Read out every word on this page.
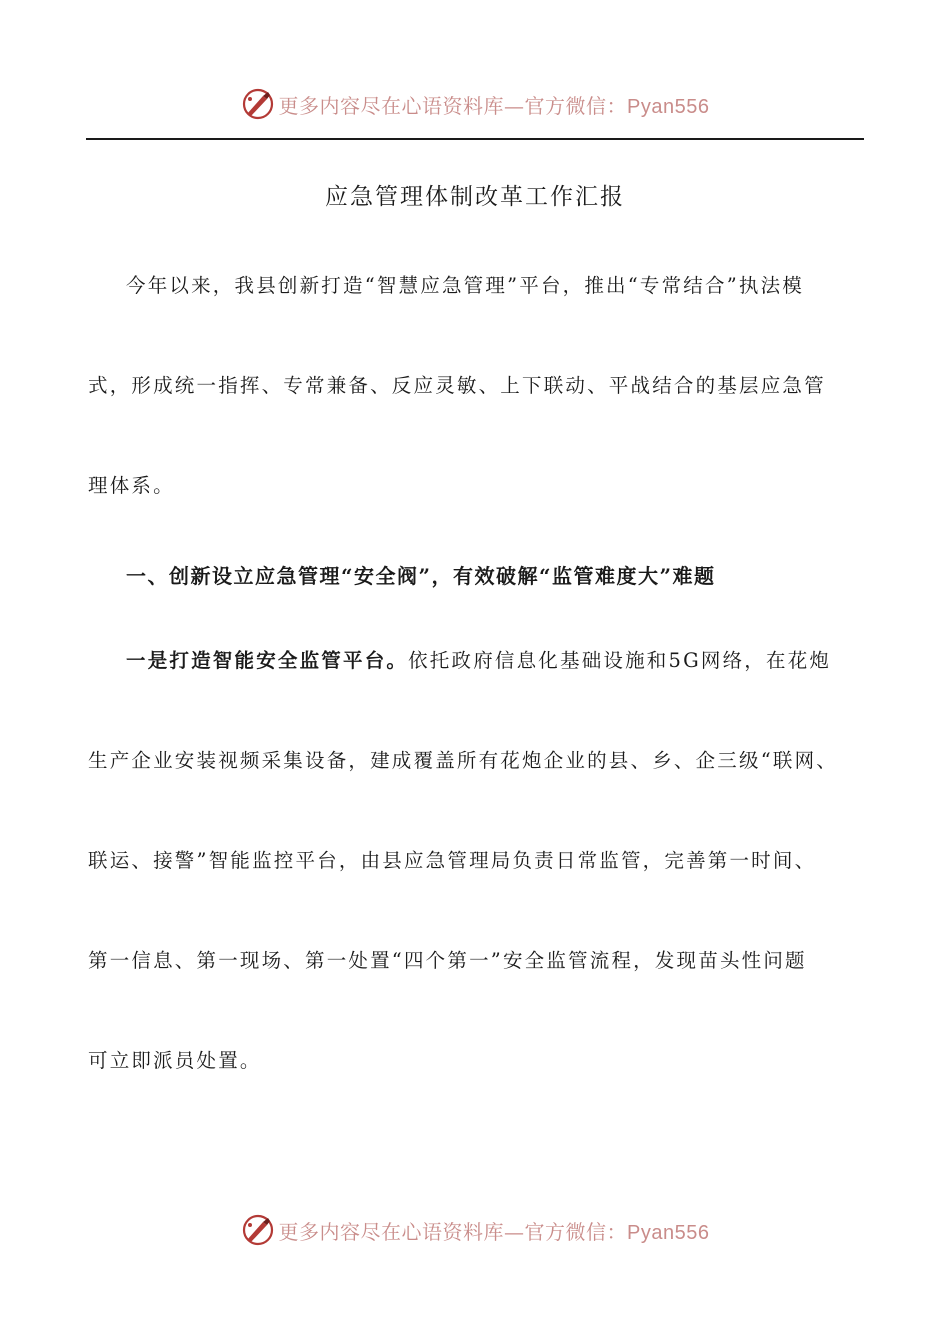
更多内容尽在心语资料库—官方微信：Pyan556
应急管理体制改革工作汇报
今年以来，我县创新打造“智慧应急管理”平台，推出“专常结合”执法模
式，形成统一指挥、专常兼备、反应灵敏、上下联动、平战结合的基层应急管
理体系。
一、创新设立应急管理“安全阀”，有效破解“监管难度大”难题
一是打造智能安全监管平台。依托政府信息化基础设施和5G网络，在花炮
生产企业安装视频采集设备，建成覆盖所有花炮企业的县、乡、企三级“联网、
联运、接警”智能监控平台，由县应急管理局负责日常监管，完善第一时间、
第一信息、第一现场、第一处置“四个第一”安全监管流程，发现苗头性问题
可立即派员处置。
更多内容尽在心语资料库—官方微信：Pyan556
